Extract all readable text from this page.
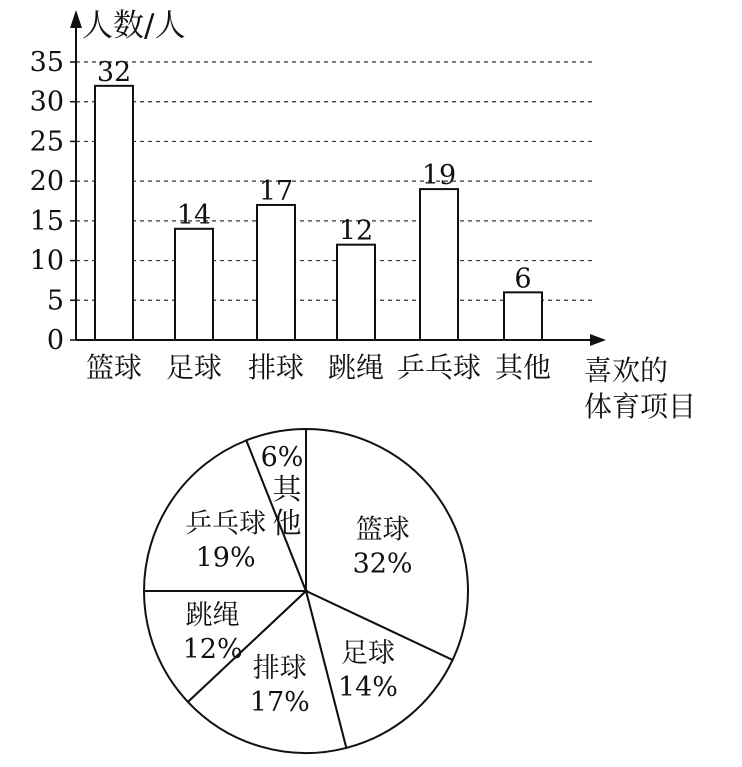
32
14
17
12
19
6
0
5
10
15
20
25
30
35
篮球 足球 排球 跳绳 乒乓球 其他
人数/人
喜欢的
体育项目
篮球
32%
足球
14%
排球
17%
跳绳
12%
乒乓球
19%
6%
其
他
